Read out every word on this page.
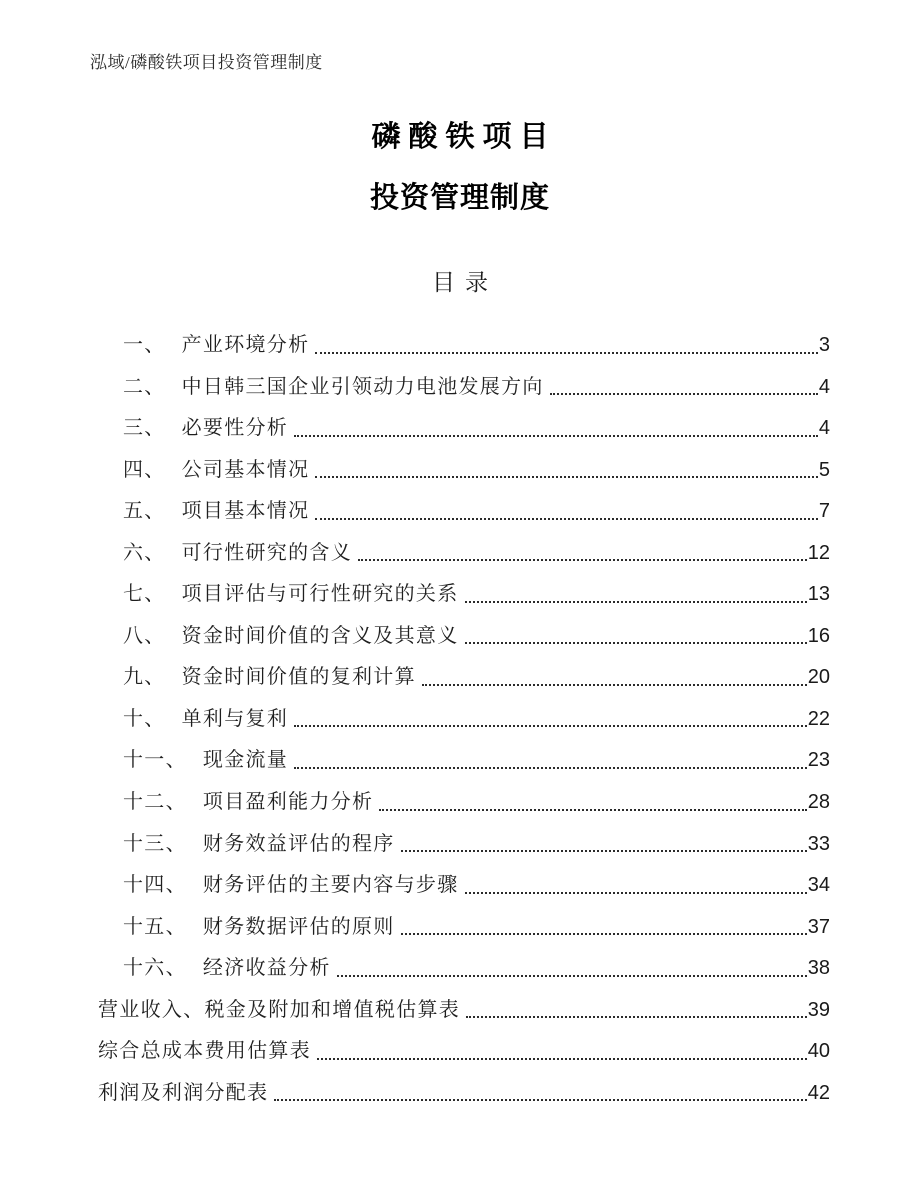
泓域/磷酸铁项目投资管理制度
磷酸铁项目
投资管理制度
目录
一、 产业环境分析	3
二、 中日韩三国企业引领动力电池发展方向	4
三、 必要性分析	4
四、 公司基本情况	5
五、 项目基本情况	7
六、 可行性研究的含义	12
七、 项目评估与可行性研究的关系	13
八、 资金时间价值的含义及其意义	16
九、 资金时间价值的复利计算	20
十、 单利与复利	22
十一、 现金流量	23
十二、 项目盈利能力分析	28
十三、 财务效益评估的程序	33
十四、 财务评估的主要内容与步骤	34
十五、 财务数据评估的原则	37
十六、 经济收益分析	38
营业收入、税金及附加和增值税估算表	39
综合总成本费用估算表	40
利润及利润分配表	42
